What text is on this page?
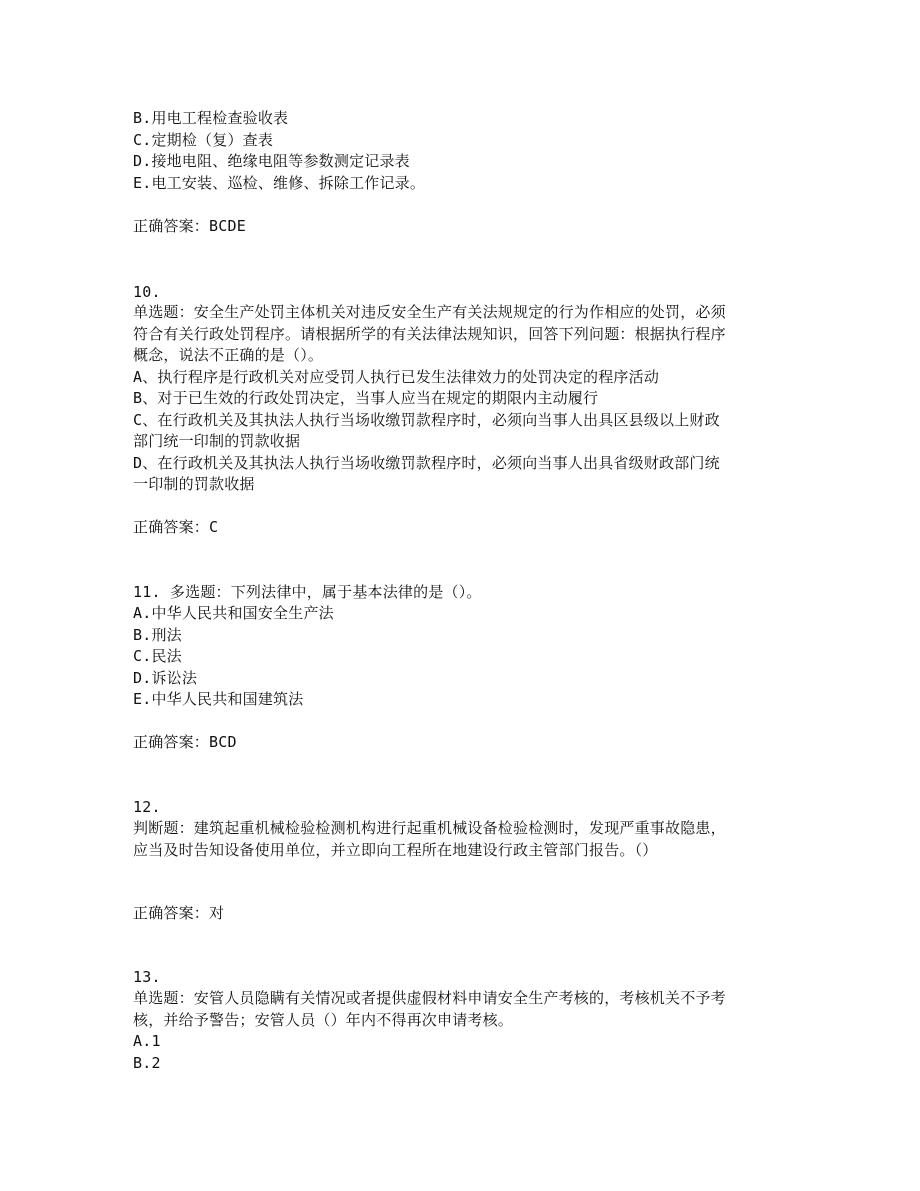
B.用电工程检查验收表
C.定期检（复）查表
D.接地电阻、绝缘电阻等参数测定记录表
E.电工安装、巡检、维修、拆除工作记录。
正确答案：BCDE
10.
单选题：安全生产处罚主体机关对违反安全生产有关法规规定的行为作相应的处罚，必须
符合有关行政处罚程序。请根据所学的有关法律法规知识，回答下列问题：根据执行程序
概念，说法不正确的是（）。
A、执行程序是行政机关对应受罚人执行已发生法律效力的处罚决定的程序活动
B、对于已生效的行政处罚决定，当事人应当在规定的期限内主动履行
C、在行政机关及其执法人执行当场收缴罚款程序时，必须向当事人出具区县级以上财政
部门统一印制的罚款收据
D、在行政机关及其执法人执行当场收缴罚款程序时，必须向当事人出具省级财政部门统
一印制的罚款收据
正确答案：C
11. 多选题：下列法律中，属于基本法律的是（）。
A.中华人民共和国安全生产法
B.刑法
C.民法
D.诉讼法
E.中华人民共和国建筑法
正确答案：BCD
12.
判断题：建筑起重机械检验检测机构进行起重机械设备检验检测时，发现严重事故隐患，
应当及时告知设备使用单位，并立即向工程所在地建设行政主管部门报告。（）
正确答案：对
13.
单选题：安管人员隐瞒有关情况或者提供虚假材料申请安全生产考核的，考核机关不予考
核，并给予警告；安管人员（）年内不得再次申请考核。
A.1
B.2
